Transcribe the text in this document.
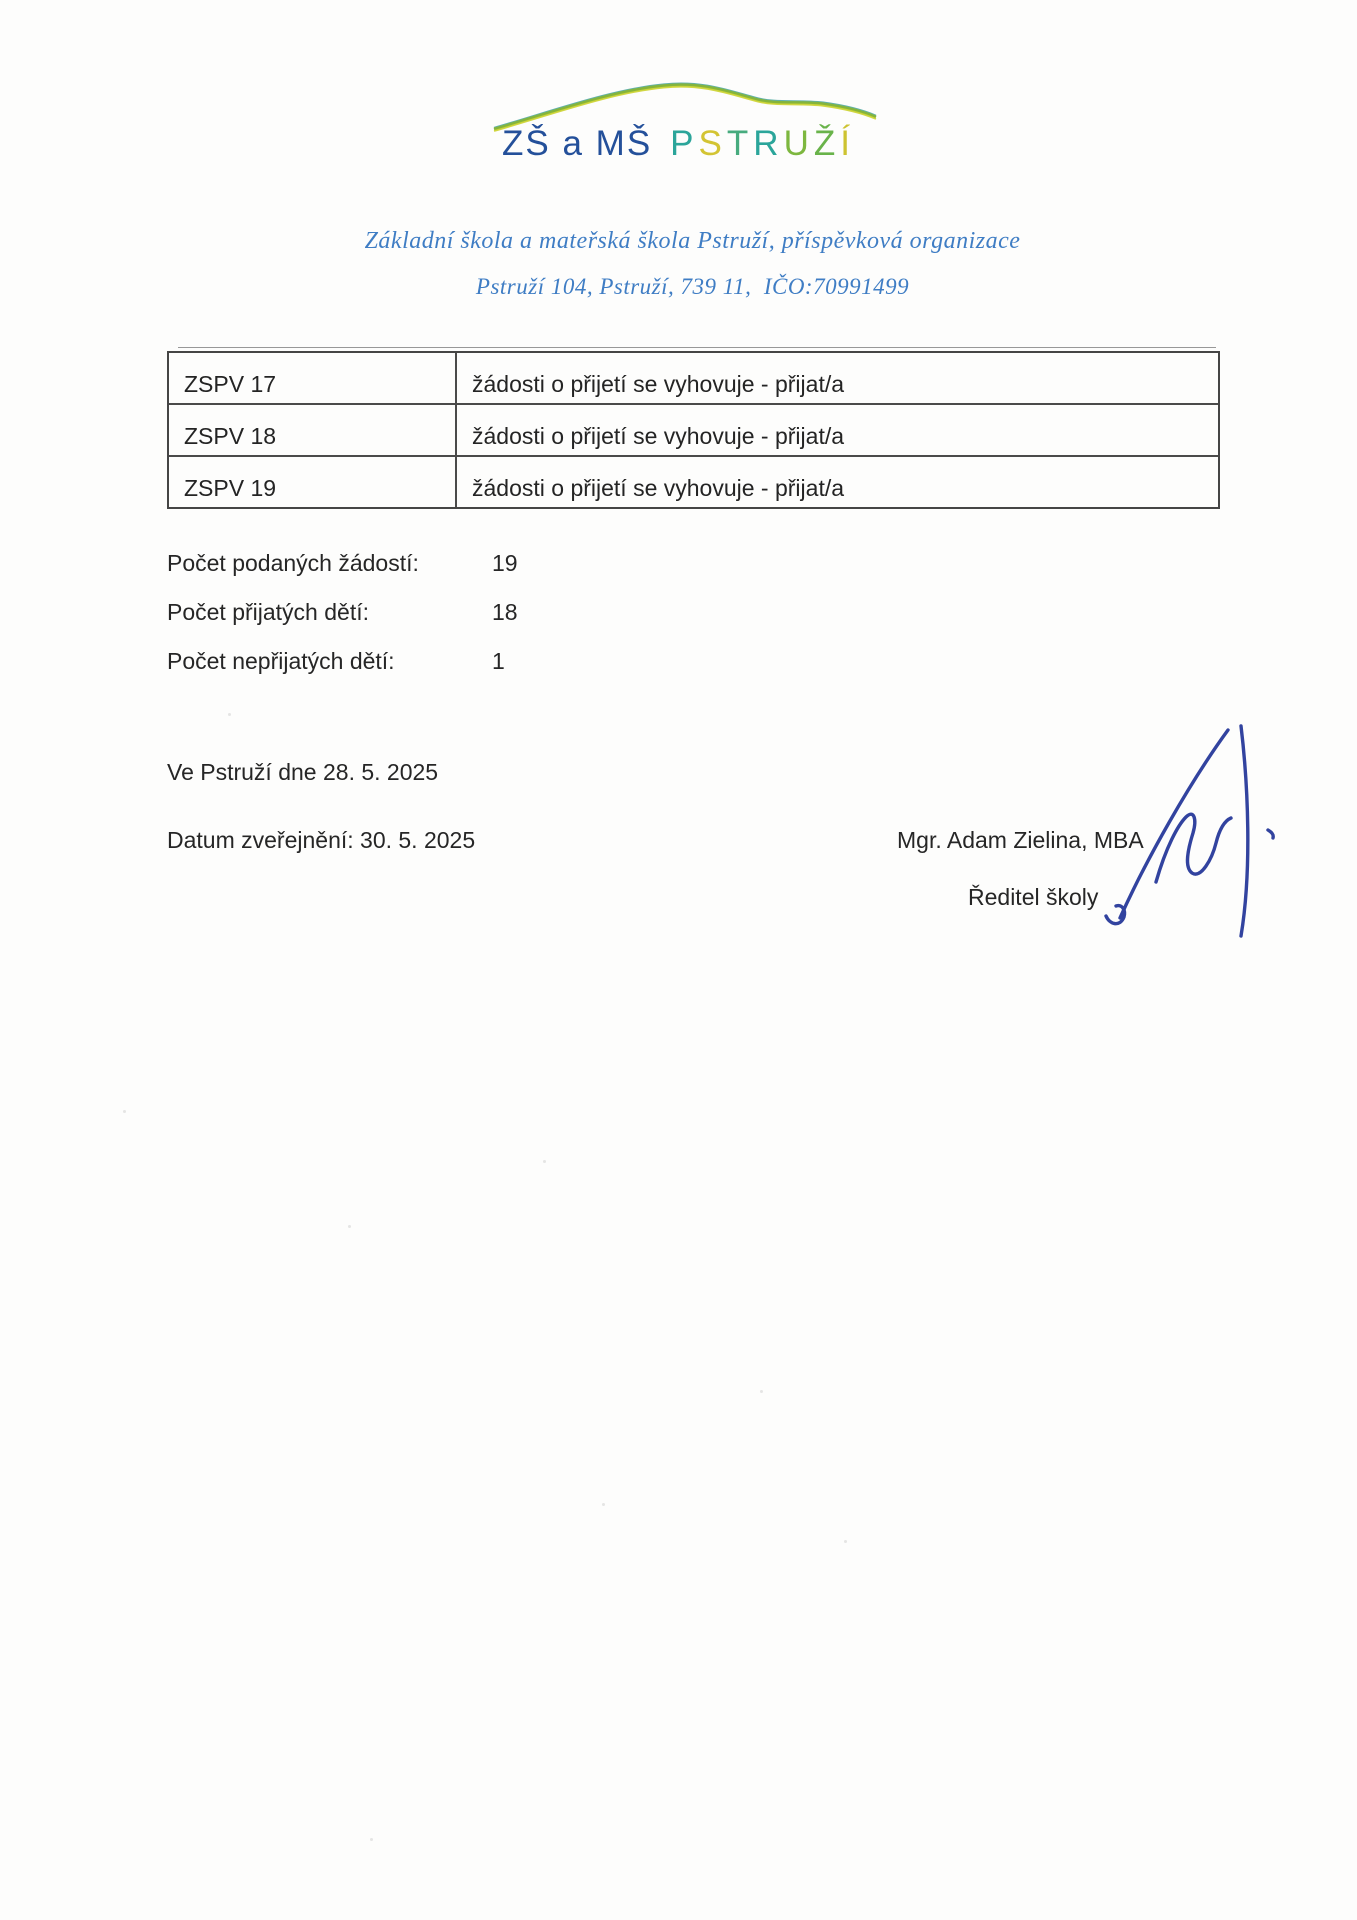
ZŠ a MŠ PSTRUŽÍ
Základní škola a mateřská škola Pstruží, příspěvková organizace
Pstruží 104, Pstruží, 739 11,  IČO:70991499
ZSPV 17	žádosti o přijetí se vyhovuje - přijat/a
ZSPV 18	žádosti o přijetí se vyhovuje - přijat/a
ZSPV 19	žádosti o přijetí se vyhovuje - přijat/a
Počet podaných žádostí:	19
Počet přijatých dětí:	18
Počet nepřijatých dětí:	1
Ve Pstruží dne 28. 5. 2025
Datum zveřejnění: 30. 5. 2025	Mgr. Adam Zielina, MBA
Ředitel školy
